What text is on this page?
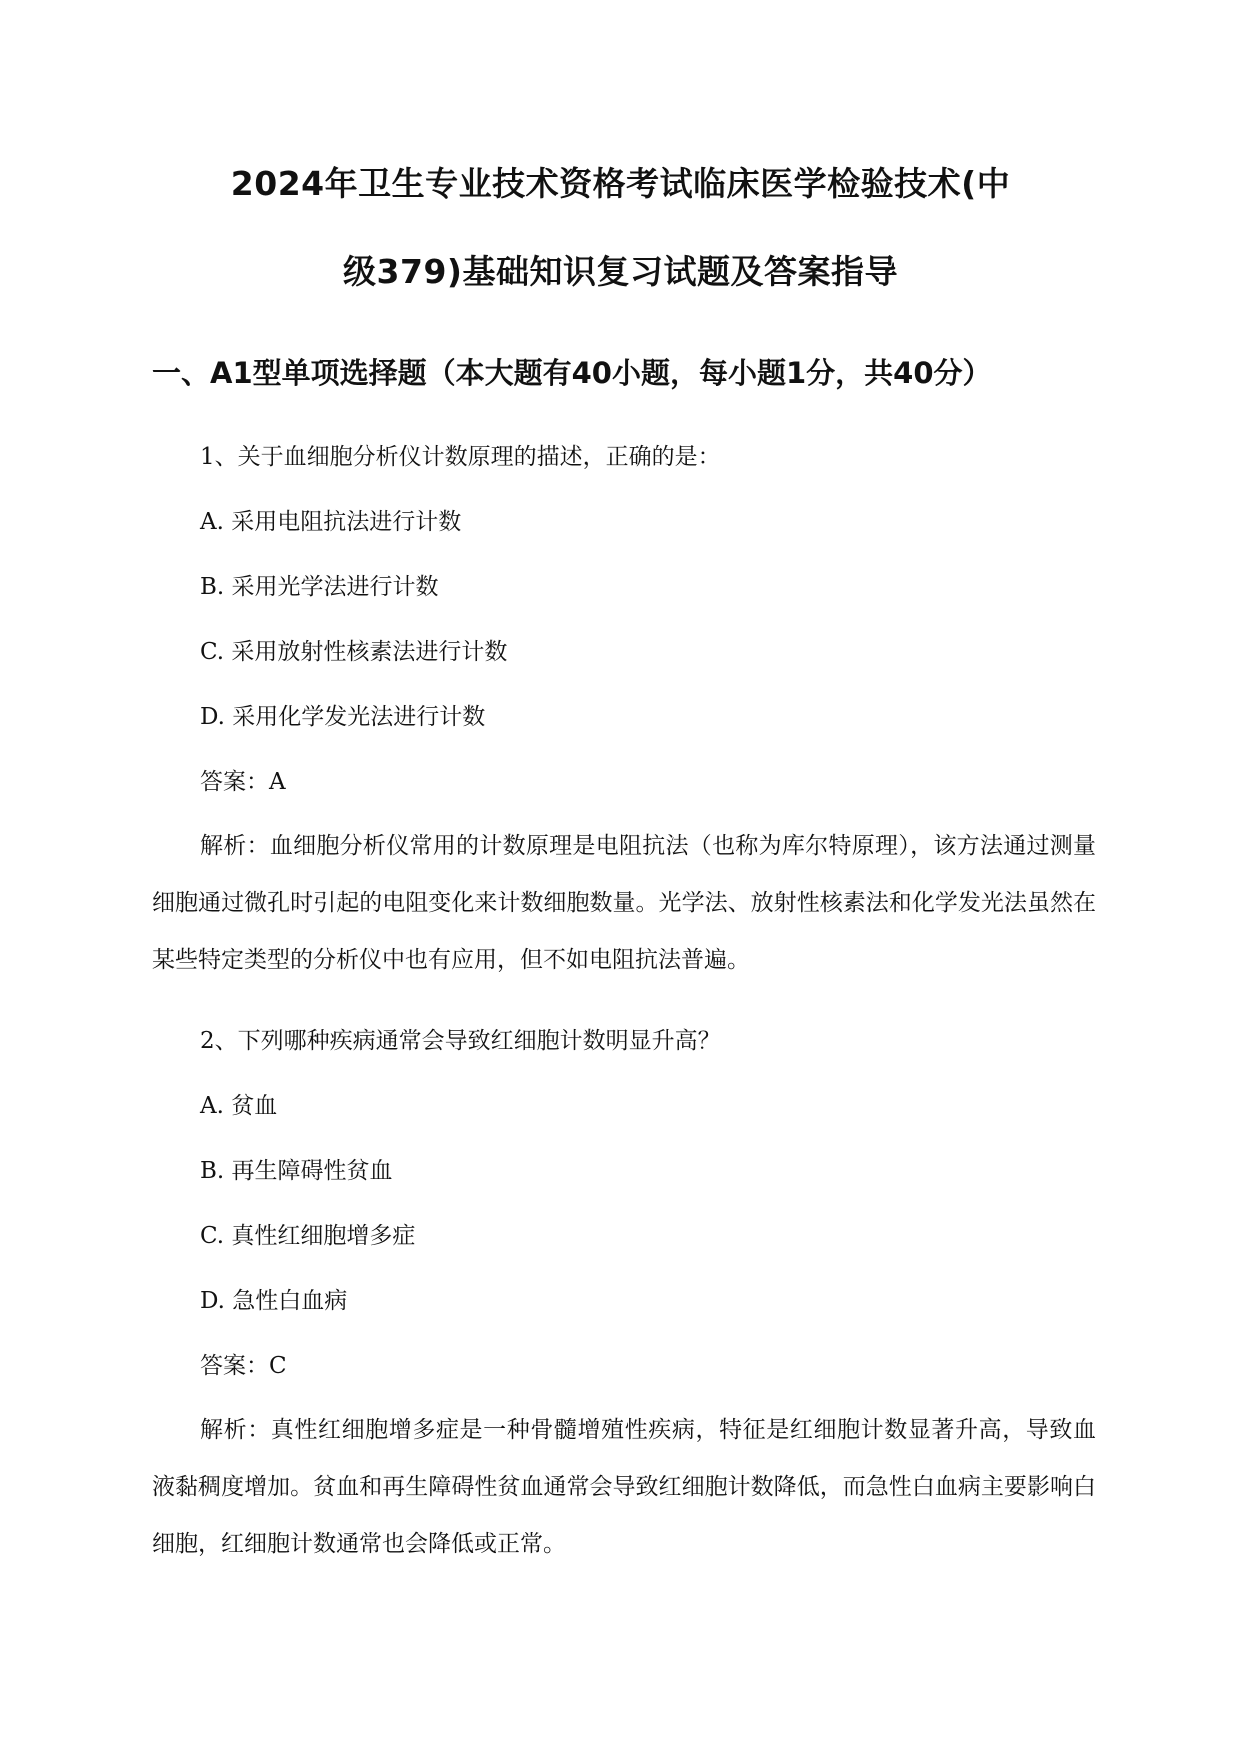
2024年卫生专业技术资格考试临床医学检验技术(中
级379)基础知识复习试题及答案指导
一、A1型单项选择题（本大题有40小题，每小题1分，共40分）
1、关于血细胞分析仪计数原理的描述，正确的是：
A. 采用电阻抗法进行计数
B. 采用光学法进行计数
C. 采用放射性核素法进行计数
D. 采用化学发光法进行计数
答案：A
解析：血细胞分析仪常用的计数原理是电阻抗法（也称为库尔特原理），该方法通过测量细胞通过微孔时引起的电阻变化来计数细胞数量。光学法、放射性核素法和化学发光法虽然在某些特定类型的分析仪中也有应用，但不如电阻抗法普遍。
2、下列哪种疾病通常会导致红细胞计数明显升高？
A. 贫血
B. 再生障碍性贫血
C. 真性红细胞增多症
D. 急性白血病
答案：C
解析：真性红细胞增多症是一种骨髓增殖性疾病，特征是红细胞计数显著升高，导致血液黏稠度增加。贫血和再生障碍性贫血通常会导致红细胞计数降低，而急性白血病主要影响白细胞，红细胞计数通常也会降低或正常。
